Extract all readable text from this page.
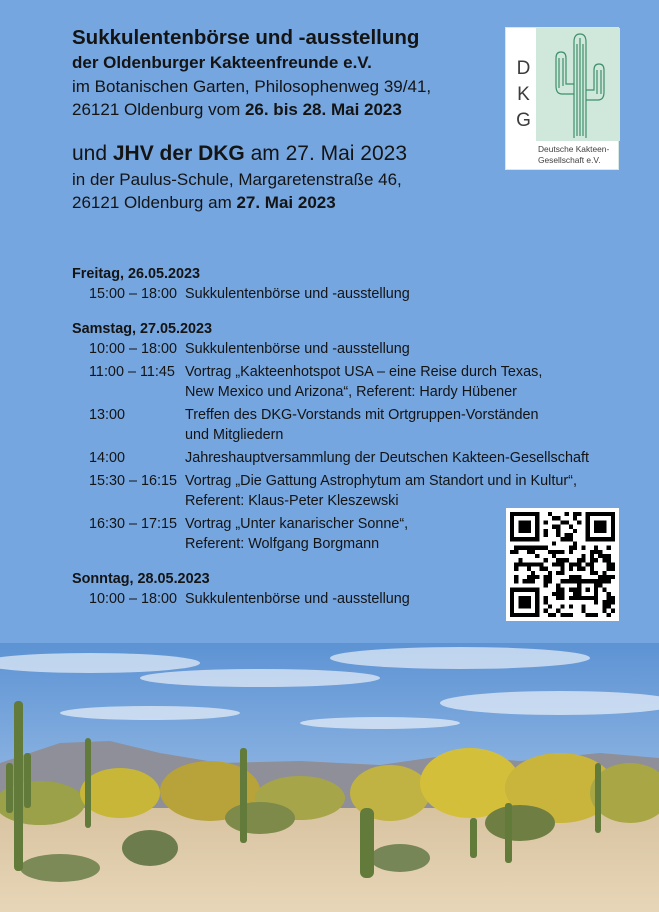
Sukkulentenbörse und -ausstellung
der Oldenburger Kakteenfreunde e.V.
im Botanischen Garten, Philosophenweg 39/41,
26121 Oldenburg vom 26. bis 28. Mai 2023
und JHV der DKG am 27. Mai 2023
in der Paulus-Schule, Margaretenstraße 46,
26121 Oldenburg am 27. Mai 2023
D
K
G
Deutsche Kakteen-
Gesellschaft e.V.
Freitag, 26.05.2023
15:00 – 18:00 Sukkulentenbörse und -ausstellung
Samstag, 27.05.2023
10:00 – 18:00 Sukkulentenbörse und -ausstellung
11:00 – 11:45 Vortrag „Kakteenhotspot USA – eine Reise durch Texas,
New Mexico und Arizona“, Referent: Hardy Hübener
13:00	Treffen des DKG-Vorstands mit Ortgruppen-Vorständen
und Mitgliedern
14:00	Jahreshauptversammlung der Deutschen Kakteen-Gesellschaft
15:30 – 16:15 Vortrag „Die Gattung Astrophytum am Standort und in Kultur“,
Referent: Klaus-Peter Kleszewski
16:30 – 17:15 Vortrag „Unter kanarischer Sonne“,
Referent: Wolfgang Borgmann
Sonntag, 28.05.2023
10:00 – 18:00 Sukkulentenbörse und -ausstellung
